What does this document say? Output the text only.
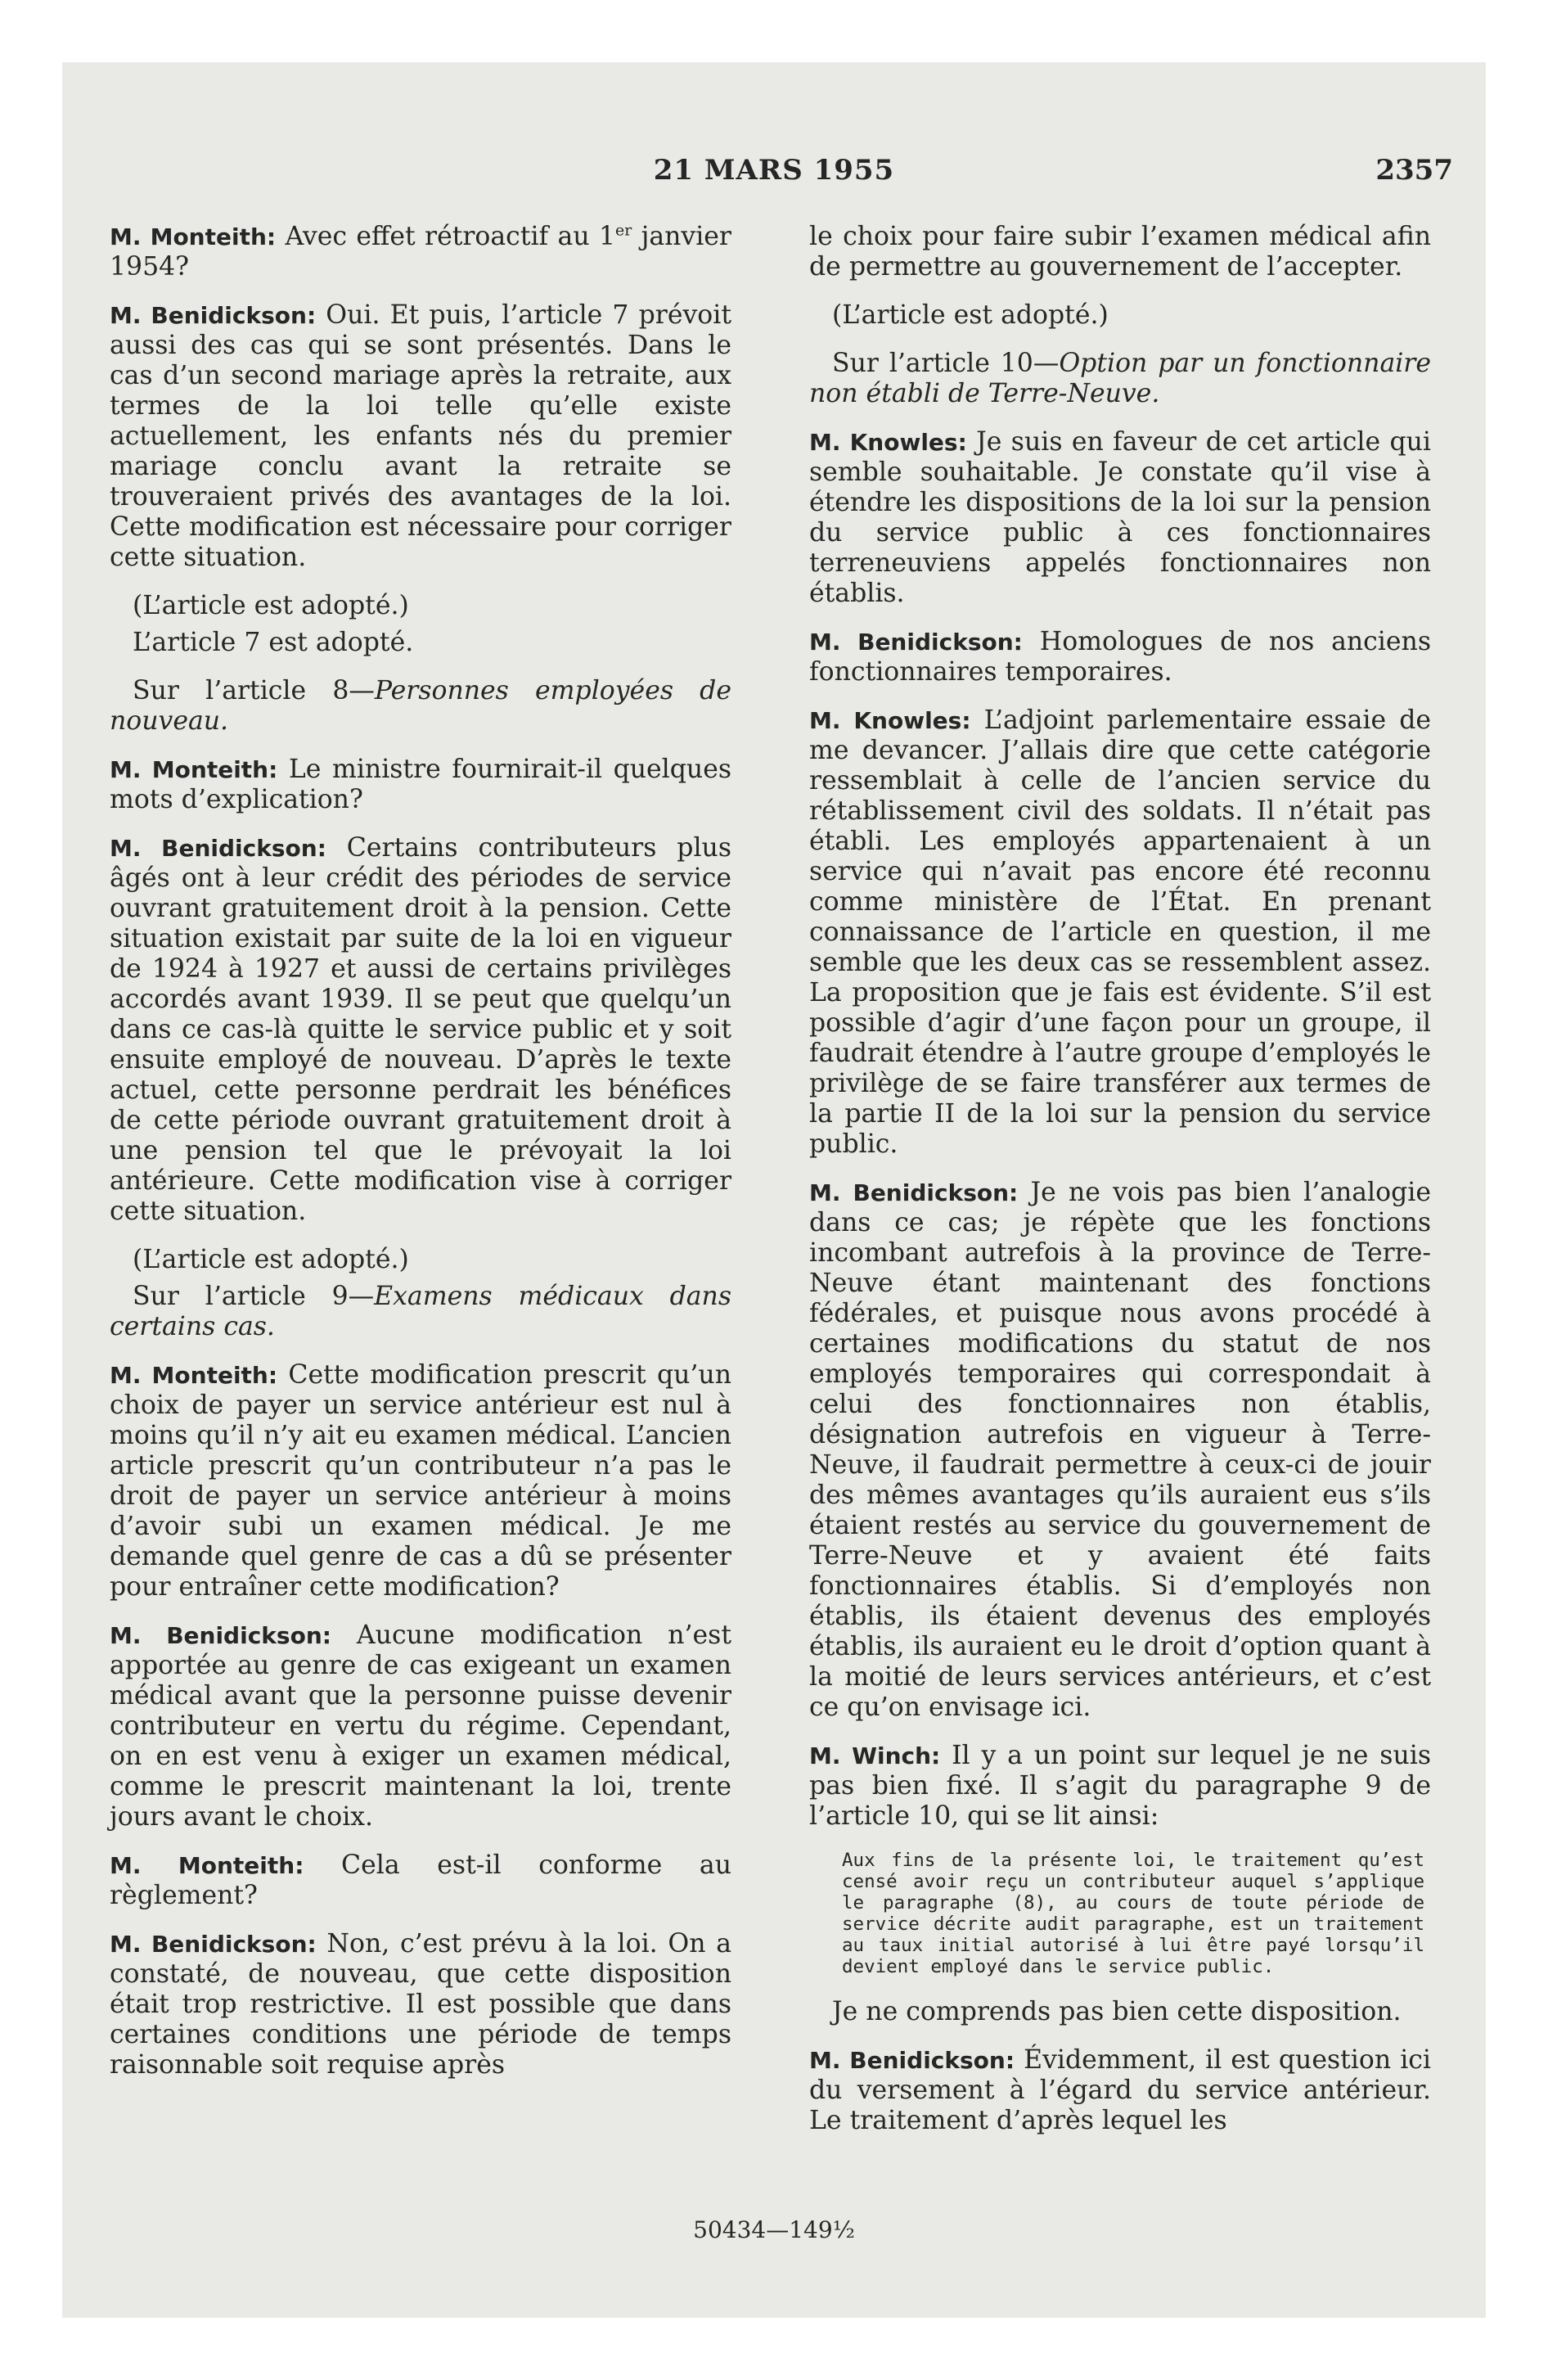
21 MARS 1955	2357

M. Monteith: Avec effet rétroactif au 1er janvier 1954?

M. Benidickson: Oui. Et puis, l’article 7 prévoit aussi des cas qui se sont présentés. Dans le cas d’un second mariage après la retraite, aux termes de la loi telle qu’elle existe actuellement, les enfants nés du premier mariage conclu avant la retraite se trouveraient privés des avantages de la loi. Cette modification est nécessaire pour corriger cette situation.

(L’article est adopté.)

L’article 7 est adopté.

Sur l’article 8—Personnes employées de nouveau.

M. Monteith: Le ministre fournirait-il quelques mots d’explication?

M. Benidickson: Certains contributeurs plus âgés ont à leur crédit des périodes de service ouvrant gratuitement droit à la pension. Cette situation existait par suite de la loi en vigueur de 1924 à 1927 et aussi de certains privilèges accordés avant 1939. Il se peut que quelqu’un dans ce cas-là quitte le service public et y soit ensuite employé de nouveau. D’après le texte actuel, cette personne perdrait les bénéfices de cette période ouvrant gratuitement droit à une pension tel que le prévoyait la loi antérieure. Cette modification vise à corriger cette situation.

(L’article est adopté.)

Sur l’article 9—Examens médicaux dans certains cas.

M. Monteith: Cette modification prescrit qu’un choix de payer un service antérieur est nul à moins qu’il n’y ait eu examen médical. L’ancien article prescrit qu’un contributeur n’a pas le droit de payer un service antérieur à moins d’avoir subi un examen médical. Je me demande quel genre de cas a dû se présenter pour entraîner cette modification?

M. Benidickson: Aucune modification n’est apportée au genre de cas exigeant un examen médical avant que la personne puisse devenir contributeur en vertu du régime. Cependant, on en est venu à exiger un examen médical, comme le prescrit maintenant la loi, trente jours avant le choix.

M. Monteith: Cela est-il conforme au règlement?

M. Benidickson: Non, c’est prévu à la loi. On a constaté, de nouveau, que cette disposition était trop restrictive. Il est possible que dans certaines conditions une période de temps raisonnable soit requise après

le choix pour faire subir l’examen médical afin de permettre au gouvernement de l’accepter.

(L’article est adopté.)

Sur l’article 10—Option par un fonctionnaire non établi de Terre-Neuve.

M. Knowles: Je suis en faveur de cet article qui semble souhaitable. Je constate qu’il vise à étendre les dispositions de la loi sur la pension du service public à ces fonctionnaires terreneuviens appelés fonctionnaires non établis.

M. Benidickson: Homologues de nos anciens fonctionnaires temporaires.

M. Knowles: L’adjoint parlementaire essaie de me devancer. J’allais dire que cette catégorie ressemblait à celle de l’ancien service du rétablissement civil des soldats. Il n’était pas établi. Les employés appartenaient à un service qui n’avait pas encore été reconnu comme ministère de l’État. En prenant connaissance de l’article en question, il me semble que les deux cas se ressemblent assez. La proposition que je fais est évidente. S’il est possible d’agir d’une façon pour un groupe, il faudrait étendre à l’autre groupe d’employés le privilège de se faire transférer aux termes de la partie II de la loi sur la pension du service public.

M. Benidickson: Je ne vois pas bien l’analogie dans ce cas; je répète que les fonctions incombant autrefois à la province de Terre-Neuve étant maintenant des fonctions fédérales, et puisque nous avons procédé à certaines modifications du statut de nos employés temporaires qui correspondait à celui des fonctionnaires non établis, désignation autrefois en vigueur à Terre-Neuve, il faudrait permettre à ceux-ci de jouir des mêmes avantages qu’ils auraient eus s’ils étaient restés au service du gouvernement de Terre-Neuve et y avaient été faits fonctionnaires établis. Si d’employés non établis, ils étaient devenus des employés établis, ils auraient eu le droit d’option quant à la moitié de leurs services antérieurs, et c’est ce qu’on envisage ici.

M. Winch: Il y a un point sur lequel je ne suis pas bien fixé. Il s’agit du paragraphe 9 de l’article 10, qui se lit ainsi:

Aux fins de la présente loi, le traitement qu’est censé avoir reçu un contributeur auquel s’applique le paragraphe (8), au cours de toute période de service décrite audit paragraphe, est un traitement au taux initial autorisé à lui être payé lorsqu’il devient employé dans le service public.

Je ne comprends pas bien cette disposition.

M. Benidickson: Évidemment, il est question ici du versement à l’égard du service antérieur. Le traitement d’après lequel les

50434—149½
